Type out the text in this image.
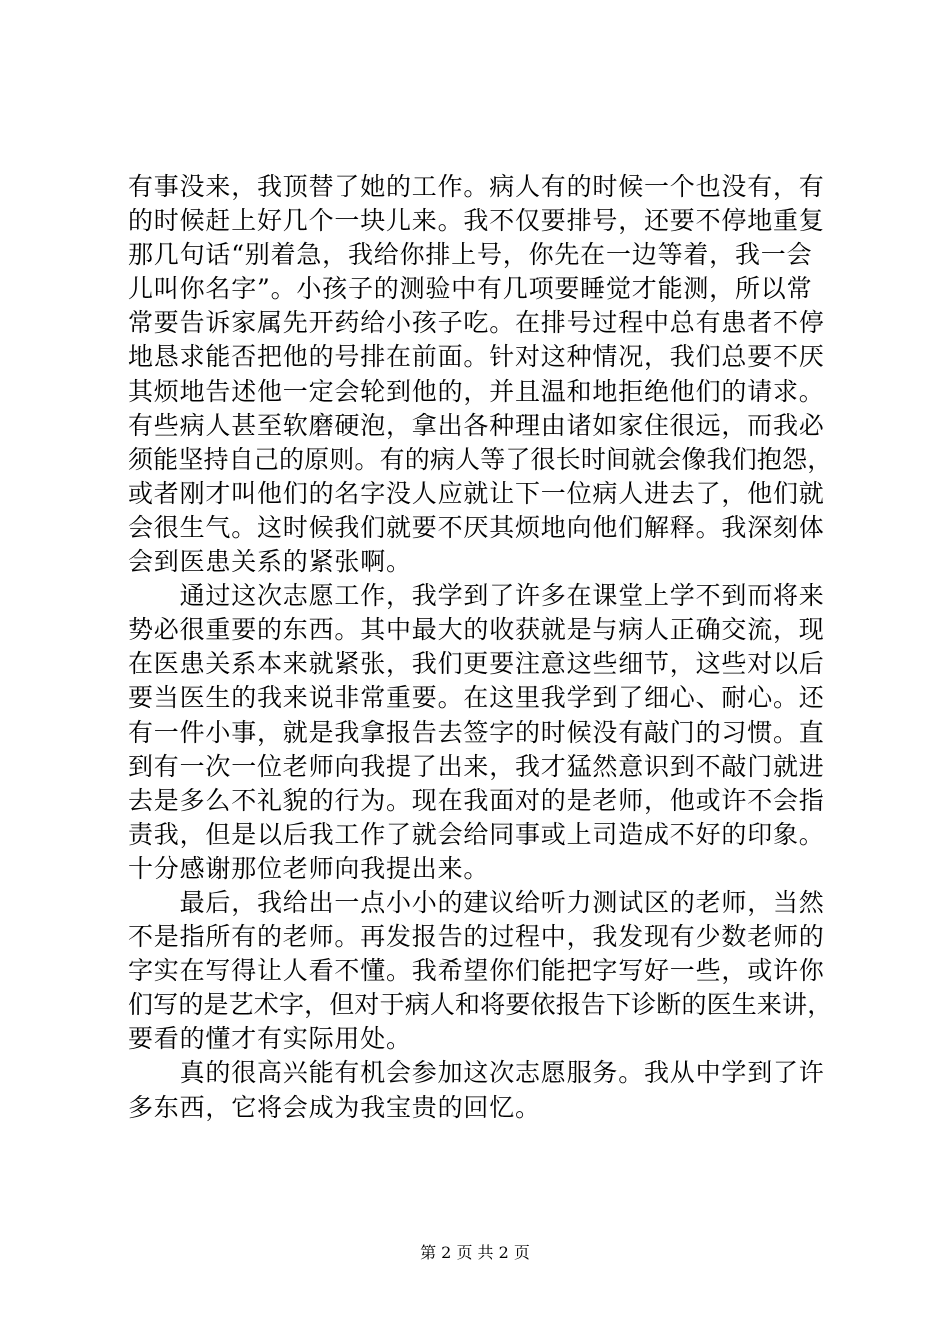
有事没来，我顶替了她的工作。病人有的时候一个也没有，有
的时候赶上好几个一块儿来。我不仅要排号，还要不停地重复
那几句话“别着急，我给你排上号，你先在一边等着，我一会
儿叫你名字”。小孩子的测验中有几项要睡觉才能测，所以常
常要告诉家属先开药给小孩子吃。在排号过程中总有患者不停
地恳求能否把他的号排在前面。针对这种情况，我们总要不厌
其烦地告述他一定会轮到他的，并且温和地拒绝他们的请求。
有些病人甚至软磨硬泡，拿出各种理由诸如家住很远，而我必
须能坚持自己的原则。有的病人等了很长时间就会像我们抱怨，
或者刚才叫他们的名字没人应就让下一位病人进去了，他们就
会很生气。这时候我们就要不厌其烦地向他们解释。我深刻体
会到医患关系的紧张啊。
　　通过这次志愿工作，我学到了许多在课堂上学不到而将来
势必很重要的东西。其中最大的收获就是与病人正确交流，现
在医患关系本来就紧张，我们更要注意这些细节，这些对以后
要当医生的我来说非常重要。在这里我学到了细心、耐心。还
有一件小事，就是我拿报告去签字的时候没有敲门的习惯。直
到有一次一位老师向我提了出来，我才猛然意识到不敲门就进
去是多么不礼貌的行为。现在我面对的是老师，他或许不会指
责我，但是以后我工作了就会给同事或上司造成不好的印象。
十分感谢那位老师向我提出来。
　　最后，我给出一点小小的建议给听力测试区的老师，当然
不是指所有的老师。再发报告的过程中，我发现有少数老师的
字实在写得让人看不懂。我希望你们能把字写好一些，或许你
们写的是艺术字，但对于病人和将要依报告下诊断的医生来讲，
要看的懂才有实际用处。
　　真的很高兴能有机会参加这次志愿服务。我从中学到了许
多东西，它将会成为我宝贵的回忆。
第 2 页 共 2 页
